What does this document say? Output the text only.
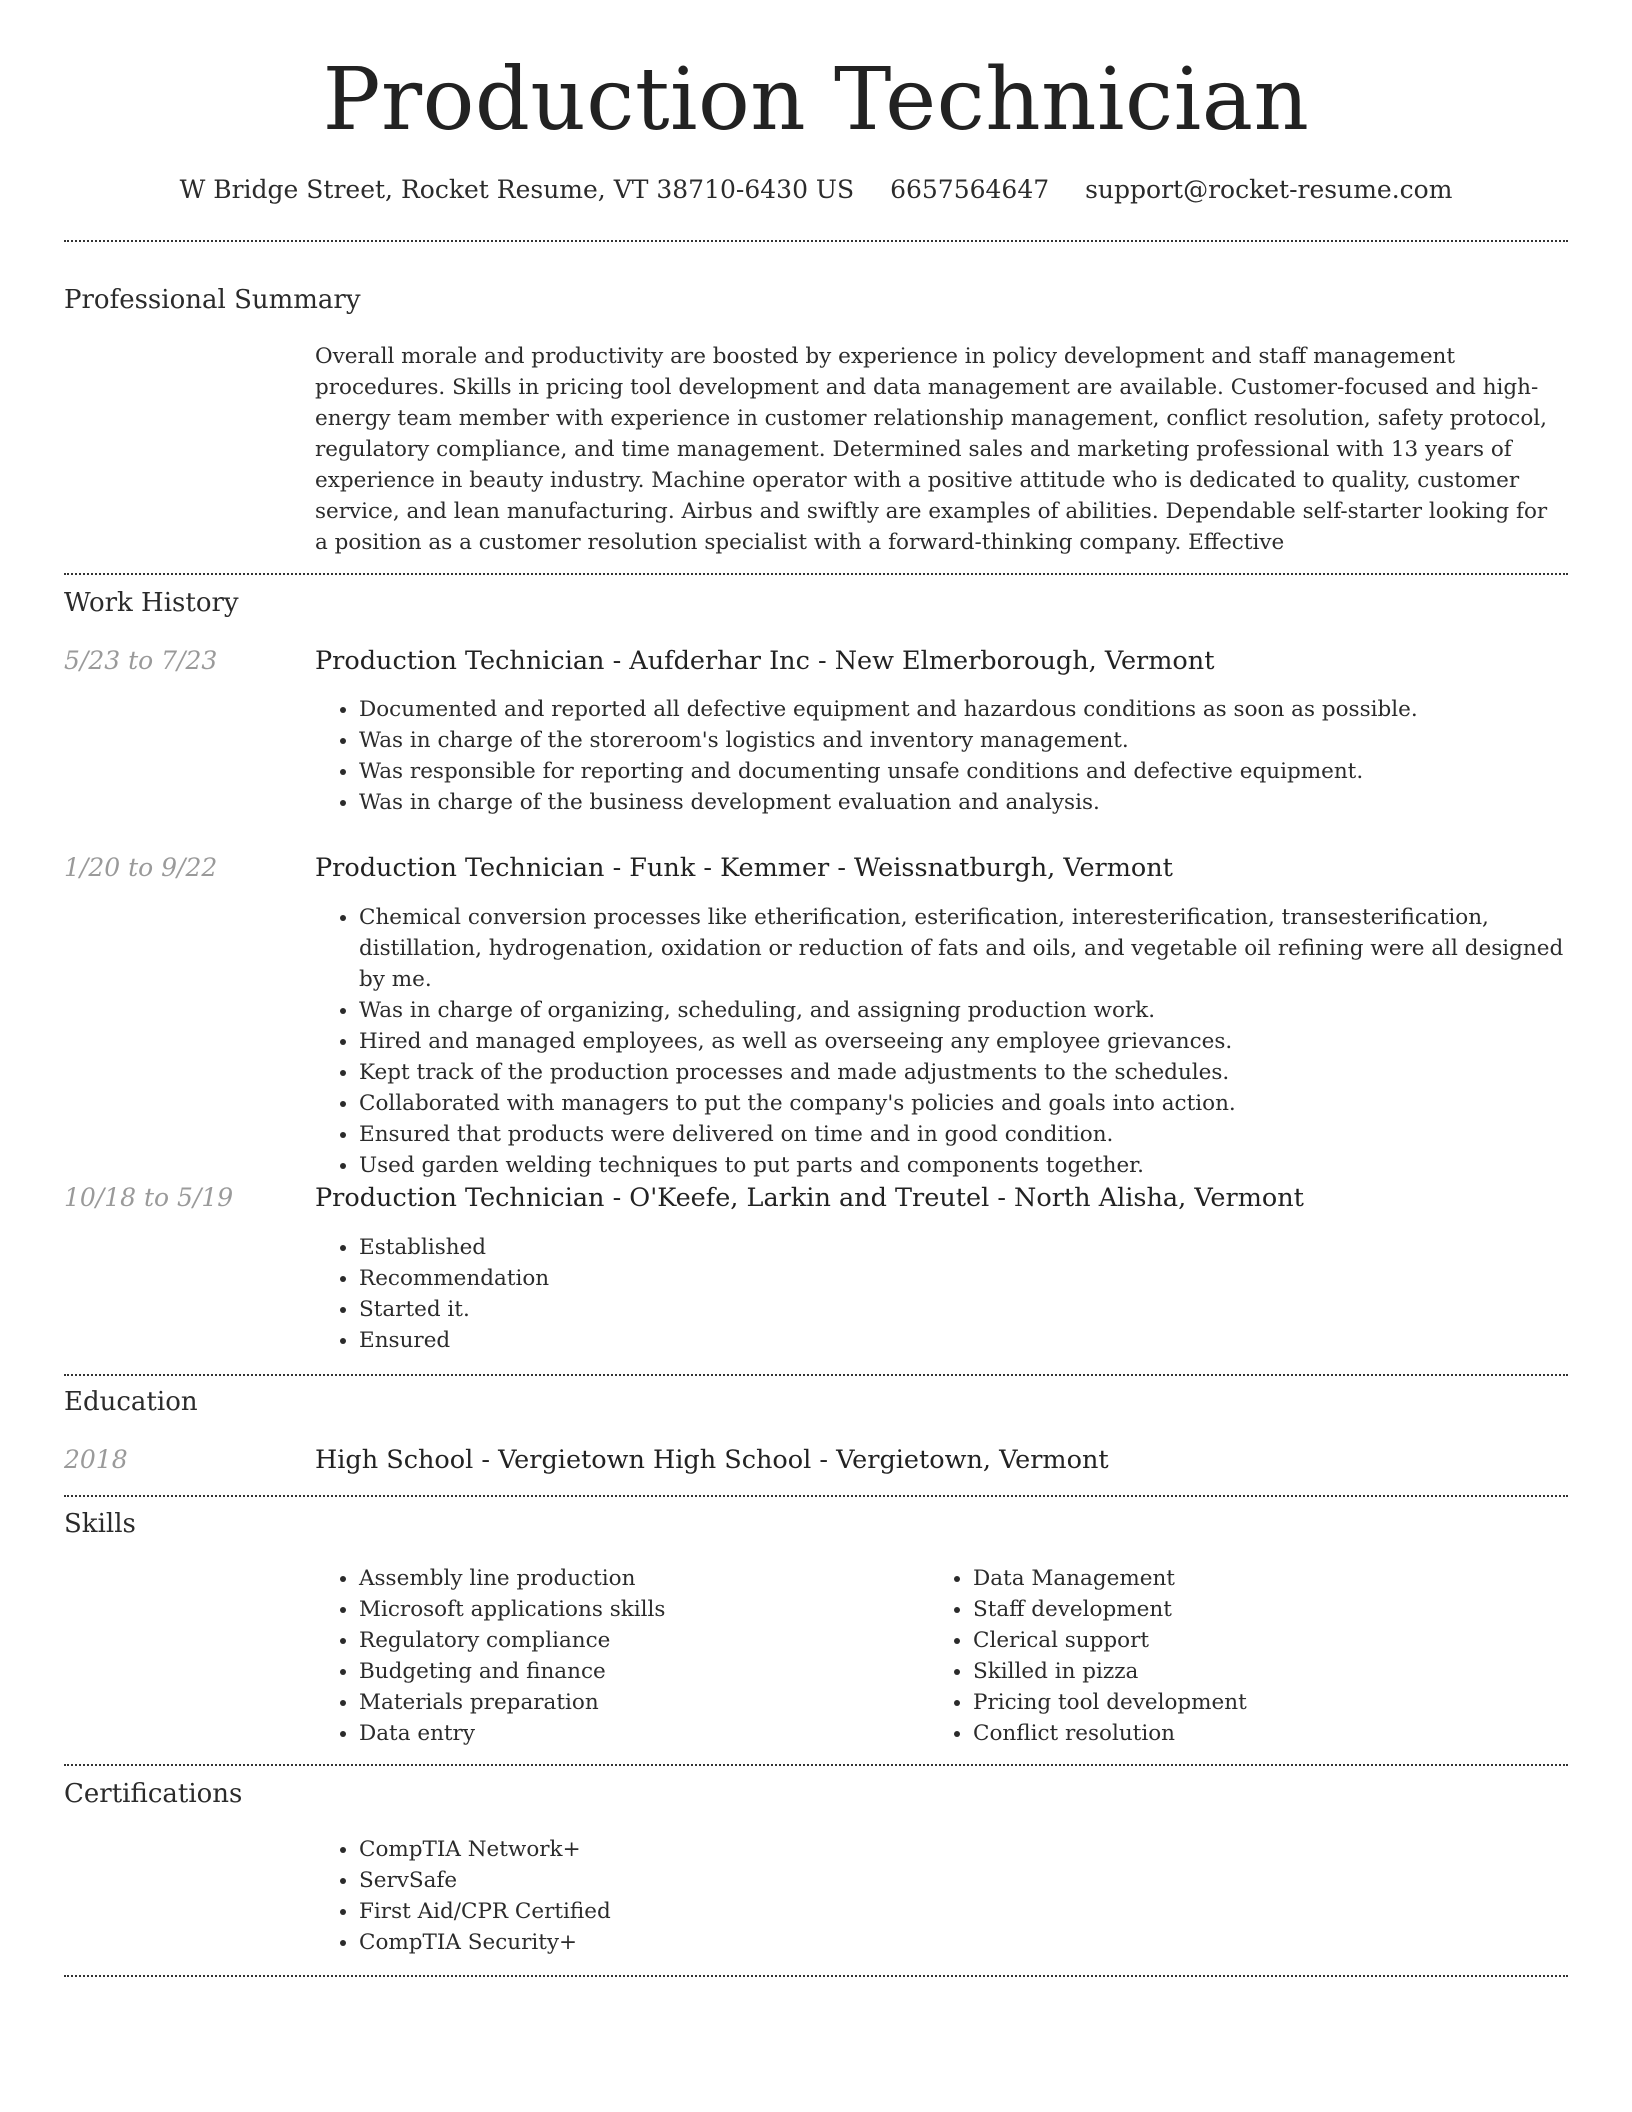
Production Technician
W Bridge Street, Rocket Resume, VT 38710-6430 US 6657564647 support@rocket-resume.com
Professional Summary

Overall morale and productivity are boosted by experience in policy development and staff management procedures. Skills in pricing tool development and data management are available. Customer-focused and high-energy team member with experience in customer relationship management, conflict resolution, safety protocol, regulatory compliance, and time management. Determined sales and marketing professional with 13 years of experience in beauty industry. Machine operator with a positive attitude who is dedicated to quality, customer service, and lean manufacturing. Airbus and swiftly are examples of abilities. Dependable self-starter looking for a position as a customer resolution specialist with a forward-thinking company. Effective

Work History
5/23 to 7/23	Production Technician - Aufderhar Inc - New Elmerborough, Vermont
• Documented and reported all defective equipment and hazardous conditions as soon as possible.
• Was in charge of the storeroom's logistics and inventory management.
• Was responsible for reporting and documenting unsafe conditions and defective equipment.
• Was in charge of the business development evaluation and analysis.
1/20 to 9/22	Production Technician - Funk - Kemmer - Weissnatburgh, Vermont
• Chemical conversion processes like etherification, esterification, interesterification, transesterification, distillation, hydrogenation, oxidation or reduction of fats and oils, and vegetable oil refining were all designed by me.
• Was in charge of organizing, scheduling, and assigning production work.
• Hired and managed employees, as well as overseeing any employee grievances.
• Kept track of the production processes and made adjustments to the schedules.
• Collaborated with managers to put the company's policies and goals into action.
• Ensured that products were delivered on time and in good condition.
• Used garden welding techniques to put parts and components together.
10/18 to 5/19	Production Technician - O'Keefe, Larkin and Treutel - North Alisha, Vermont
• Established
• Recommendation
• Started it.
• Ensured
Education
2018	High School - Vergietown High School - Vergietown, Vermont
Skills
• Assembly line production
• Microsoft applications skills
• Regulatory compliance
• Budgeting and finance
• Materials preparation
• Data entry
• Data Management
• Staff development
• Clerical support
• Skilled in pizza
• Pricing tool development
• Conflict resolution
Certifications
• CompTIA Network+
• ServSafe
• First Aid/CPR Certified
• CompTIA Security+
